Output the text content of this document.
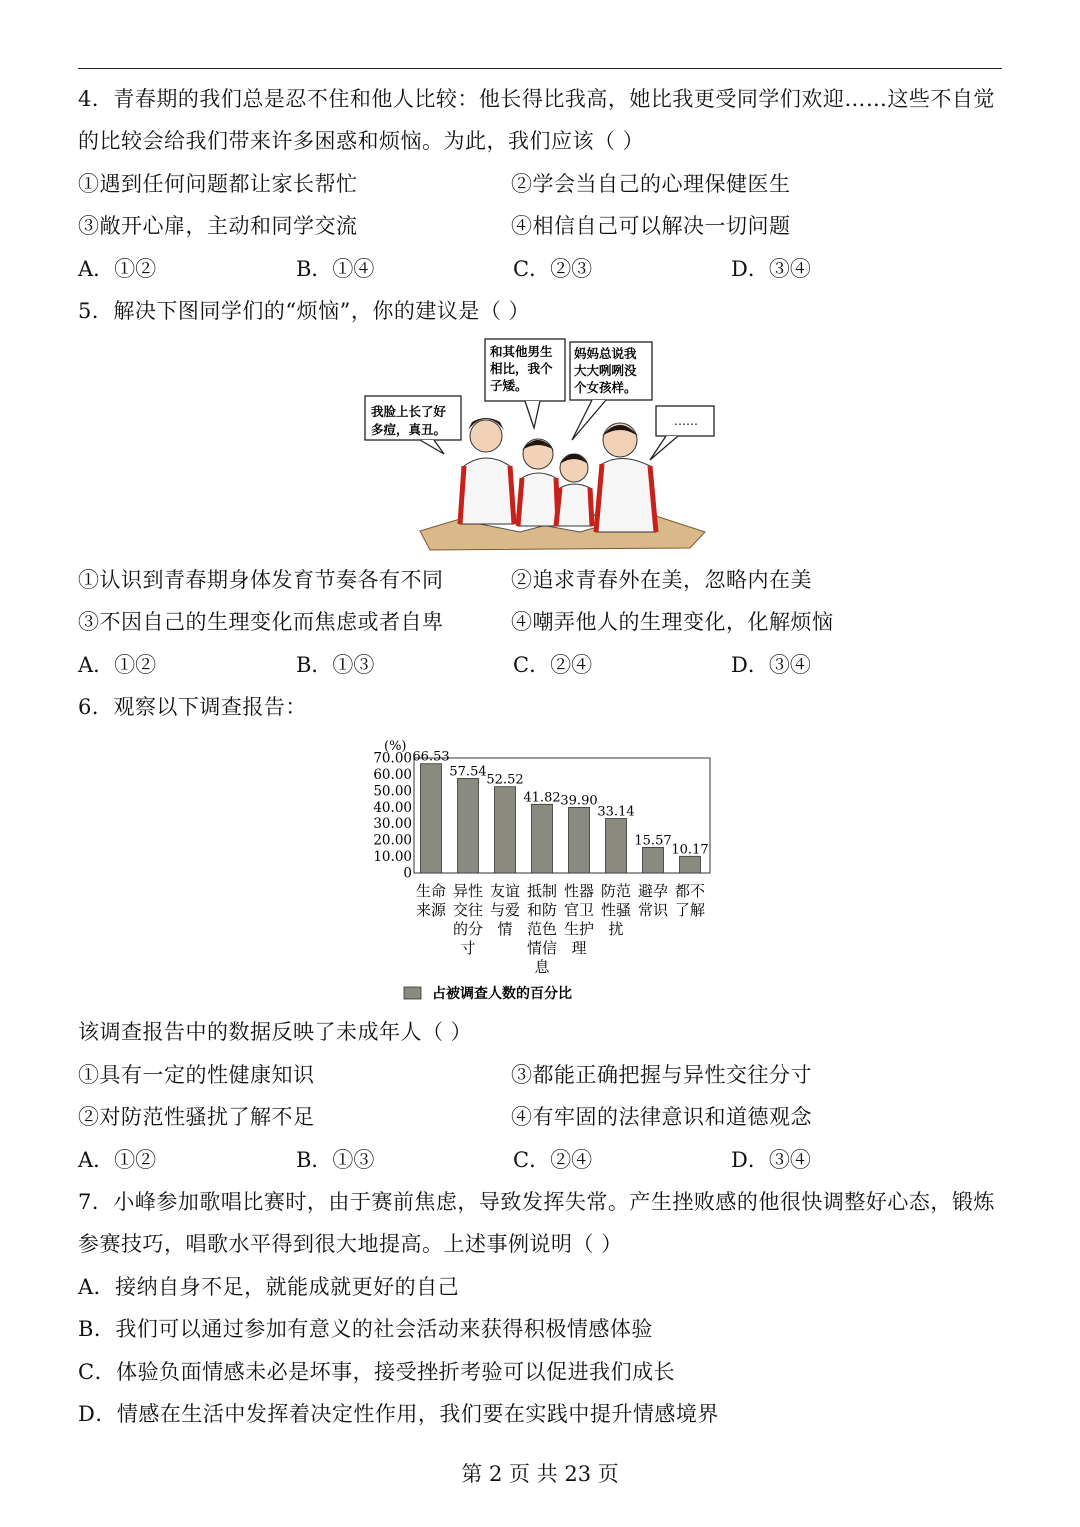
4．青春期的我们总是忍不住和他人比较：他长得比我高，她比我更受同学们欢迎……这些不自觉
的比较会给我们带来许多困惑和烦恼。为此，我们应该（ ）
①遇到任何问题都让家长帮忙	②学会当自己的心理保健医生
③敞开心扉，主动和同学交流	④相信自己可以解决一切问题
A．①②	B．①④	C．②③	D．③④
5．解决下图同学们的“烦恼”，你的建议是（ ）
我脸上长了好
多痘，真丑。
和其他男生
相比，我个
子矮。
妈妈总说我
大大咧咧没
个女孩样。
……
①认识到青春期身体发育节奏各有不同	②追求青春外在美，忽略内在美
③不因自己的生理变化而焦虑或者自卑	④嘲弄他人的生理变化，化解烦恼
A．①②	B．①③	C．②④	D．③④
6．观察以下调查报告：
(%)
70.00
60.00
50.00
40.00
30.00
20.00
10.00
0
66.53
57.54
52.52
41.82 39.90
33.14
15.57
10.17
生命
来源
异性
交往
的分
寸
友谊
与爱
情
抵制
和防
范色
情信
息
性器
官卫
生护
理
防范
性骚
扰
避孕
常识
都不
了解
占被调查人数的百分比
该调查报告中的数据反映了未成年人（ ）
①具有一定的性健康知识	③都能正确把握与异性交往分寸
②对防范性骚扰了解不足	④有牢固的法律意识和道德观念
A．①②	B．①③	C．②④	D．③④
7．小峰参加歌唱比赛时，由于赛前焦虑，导致发挥失常。产生挫败感的他很快调整好心态，锻炼
参赛技巧，唱歌水平得到很大地提高。上述事例说明（ ）
A．接纳自身不足，就能成就更好的自己
B．我们可以通过参加有意义的社会活动来获得积极情感体验
C．体验负面情感未必是坏事，接受挫折考验可以促进我们成长
D．情感在生活中发挥着决定性作用，我们要在实践中提升情感境界
第 2 页 共 23 页
